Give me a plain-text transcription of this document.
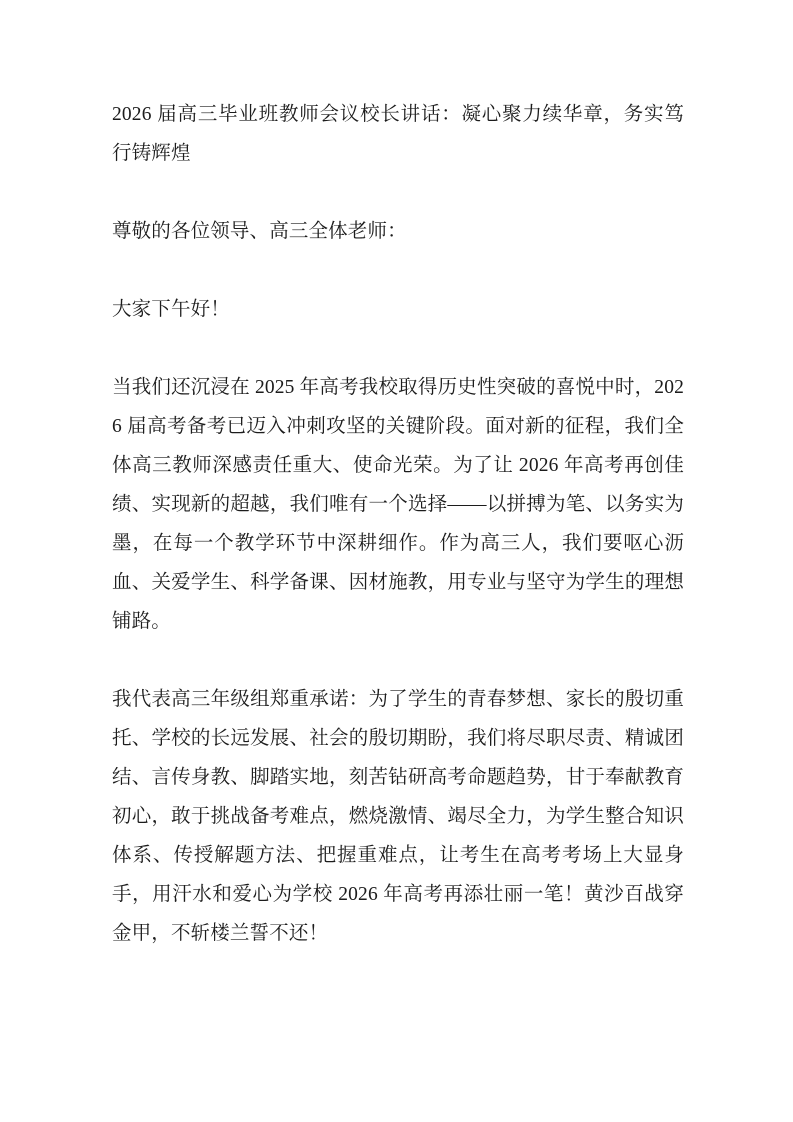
2026 届高三毕业班教师会议校长讲话：凝心聚力续华章，务实笃行铸辉煌

尊敬的各位领导、高三全体老师：

大家下午好！

当我们还沉浸在 2025 年高考我校取得历史性突破的喜悦中时，2026 届高考备考已迈入冲刺攻坚的关键阶段。面对新的征程，我们全体高三教师深感责任重大、使命光荣。为了让 2026 年高考再创佳绩、实现新的超越，我们唯有一个选择——以拼搏为笔、以务实为墨，在每一个教学环节中深耕细作。作为高三人，我们要呕心沥血、关爱学生、科学备课、因材施教，用专业与坚守为学生的理想铺路。

我代表高三年级组郑重承诺：为了学生的青春梦想、家长的殷切重托、学校的长远发展、社会的殷切期盼，我们将尽职尽责、精诚团结、言传身教、脚踏实地，刻苦钻研高考命题趋势，甘于奉献教育初心，敢于挑战备考难点，燃烧激情、竭尽全力，为学生整合知识体系、传授解题方法、把握重难点，让考生在高考考场上大显身手，用汗水和爱心为学校 2026 年高考再添壮丽一笔！黄沙百战穿金甲，不斩楼兰誓不还！
